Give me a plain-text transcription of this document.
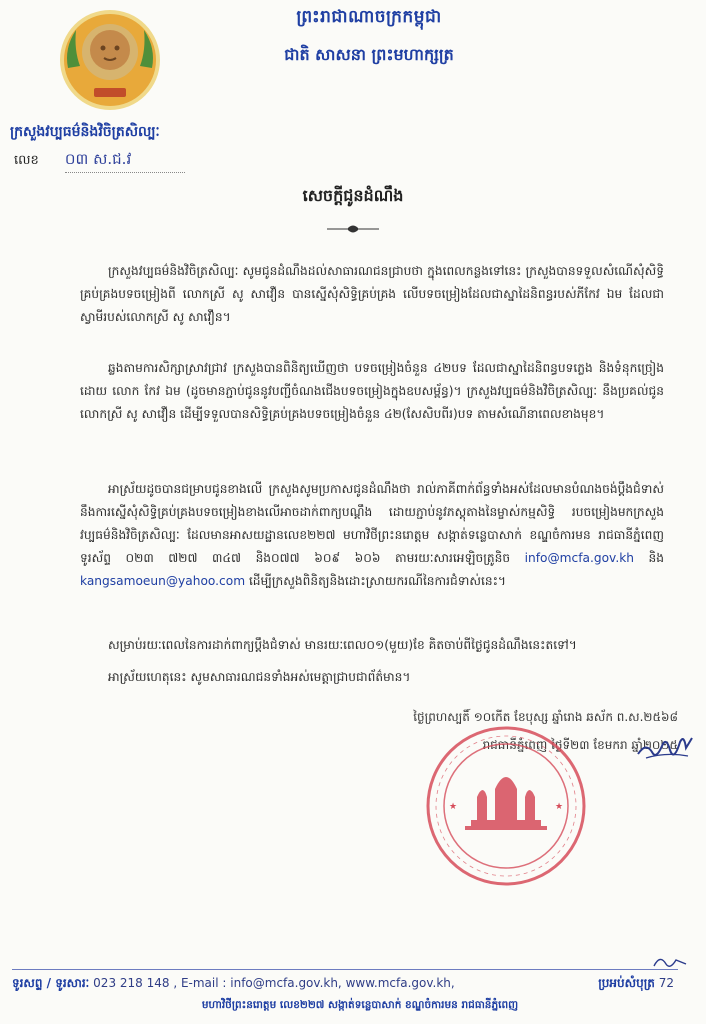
ព្រះរាជាណាចក្រកម្ពុជា
ជាតិ សាសនា ព្រះមហាក្សត្រ
ក្រសួងវប្បធម៌និងវិចិត្រសិល្បៈ
លេខ ០៣ ស.ជ.វ
សេចក្តីជូនដំណឹង
ក្រសួងវប្បធម៌និងវិចិត្រសិល្បៈ សូមជូនដំណឹងដល់សាធារណជនជ្រាបថា ក្នុងពេលកន្លងទៅនេះ ក្រសួងបានទទួលសំណើសុំសិទ្ធិគ្រប់គ្រងបទចម្រៀងពី លោកស្រី សូ សាវឿន បានស្នើសុំសិទ្ធិគ្រប់គ្រង លើបទចម្រៀងដែលជាស្នាដៃនិពន្ធរបស់ភីកែវ ឯម ដែលជាស្វាមីរបស់លោកស្រី សូ សាវឿន។
ឆ្លងតាមការសិក្សាស្រាវជ្រាវ ក្រសួងបានពិនិត្យឃើញថា បទចម្រៀងចំនួន ៤២បទ ដែលជាស្នាដៃនិពន្ធបទភ្លេង និងទំនុកច្រៀង ដោយ លោក កែវ ឯម (ដូចមានភ្ជាប់ជូននូវបញ្ជីចំណងជើងបទចម្រៀងក្នុងឧបសម្ព័ន្ធ)។ ក្រសួងវប្បធម៌និងវិចិត្រសិល្បៈ នឹងប្រគល់ជូនលោកស្រី សូ សាវឿន ដើម្បីទទួលបានសិទ្ធិគ្រប់គ្រងបទចម្រៀងចំនួន ៤២(សែសិបពីរ)បទ តាមសំណើនាពេលខាងមុខ។
អាស្រ័យដូចបានជម្រាបជូនខាងលើ ក្រសួងសូមប្រកាសជូនដំណឹងថា រាល់ភាគីពាក់ព័ន្ធទាំងអស់ដែលមានបំណងចង់ប្តឹងជំទាស់នឹងការស្នើសុំសិទ្ធិគ្រប់គ្រងបទចម្រៀងខាងលើអាចដាក់ពាក្យបណ្តឹង ដោយភ្ជាប់នូវភស្តុតាងនៃម្ចាស់កម្មសិទ្ធិ របចម្រៀងមកក្រសួងវប្បធម៌និងវិចិត្រសិល្បៈ ដែលមានអាសយដ្ឋានលេខ២២៧ មហាវិថីព្រះនរោត្តម សង្កាត់ទន្លេបាសាក់ ខណ្ឌចំការមន រាជធានីភ្នំពេញ ទូរស័ព្ទ ០២៣ ៧២៧ ៣៤៧ និង០៧៧ ៦០៩ ៦០៦ តាមរយៈសារអេឡិចត្រូនិច info@mcfa.gov.kh និង kangsamoeun@yahoo.com ដើម្បីក្រសួងពិនិត្យនិងដោះស្រាយករណីនៃការជំទាស់នេះ។
សម្រាប់រយៈពេលនៃការដាក់ពាក្យប្តឹងជំទាស់ មានរយៈពេល០១(មួយ)ខែ គិតចាប់ពីថ្ងៃជូនដំណឹងនេះតទៅ។
អាស្រ័យហេតុនេះ សូមសាធារណជនទាំងអស់មេត្តាជ្រាបជាព័ត៌មាន។
ថ្ងៃព្រហស្បតិ៍ ១០កើត ខែបុស្ស ឆ្នាំរោង ឆស័ក ព.ស.២៥៦៨
រាជធានីភ្នំពេញ ថ្ងៃទី២៣ ខែមករា ឆ្នាំ២០២៥
★	★
ទូរសព្ទ / ទូរសារៈ 023 218 148 , E-mail : info@mcfa.gov.kh, www.mcfa.gov.kh,	ប្រអប់សំបុត្រ 72
មហាវិថីព្រះនរោត្តម លេខ២២៧ សង្កាត់ទន្លេបាសាក់ ខណ្ឌចំការមន រាជធានីភ្នំពេញ
